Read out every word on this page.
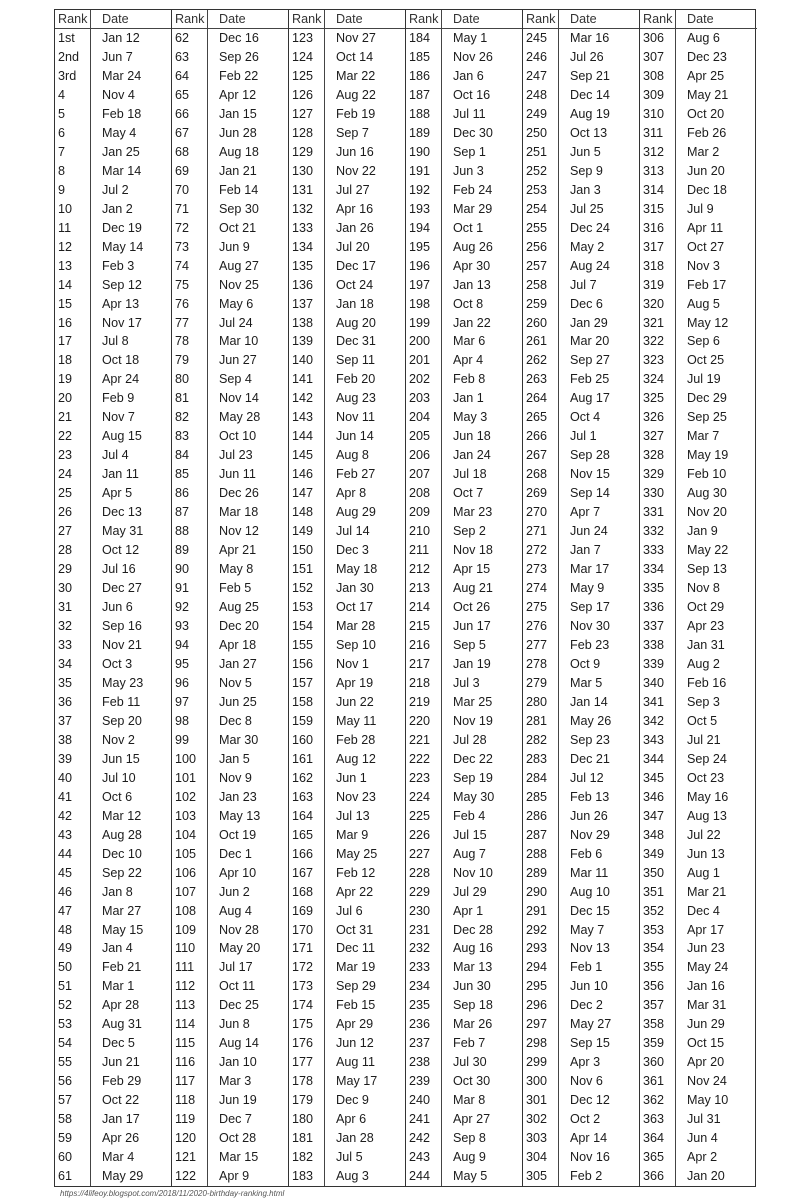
Rank	Date
1st	Jan 12
2nd	Jun 7
3rd	Mar 24
4	Nov 4
5	Feb 18
6	May 4
7	Jan 25
8	Mar 14
9	Jul 2
10	Jan 2
11	Dec 19
12	May 14
13	Feb 3
14	Sep 12
15	Apr 13
16	Nov 17
17	Jul 8
18	Oct 18
19	Apr 24
20	Feb 9
21	Nov 7
22	Aug 15
23	Jul 4
24	Jan 11
25	Apr 5
26	Dec 13
27	May 31
28	Oct 12
29	Jul 16
30	Dec 27
31	Jun 6
32	Sep 16
33	Nov 21
34	Oct 3
35	May 23
36	Feb 11
37	Sep 20
38	Nov 2
39	Jun 15
40	Jul 10
41	Oct 6
42	Mar 12
43	Aug 28
44	Dec 10
45	Sep 22
46	Jan 8
47	Mar 27
48	May 15
49	Jan 4
50	Feb 21
51	Mar 1
52	Apr 28
53	Aug 31
54	Dec 5
55	Jun 21
56	Feb 29
57	Oct 22
58	Jan 17
59	Apr 26
60	Mar 4
61	May 29
Rank	Date
62	Dec 16
63	Sep 26
64	Feb 22
65	Apr 12
66	Jan 15
67	Jun 28
68	Aug 18
69	Jan 21
70	Feb 14
71	Sep 30
72	Oct 21
73	Jun 9
74	Aug 27
75	Nov 25
76	May 6
77	Jul 24
78	Mar 10
79	Jun 27
80	Sep 4
81	Nov 14
82	May 28
83	Oct 10
84	Jul 23
85	Jun 11
86	Dec 26
87	Mar 18
88	Nov 12
89	Apr 21
90	May 8
91	Feb 5
92	Aug 25
93	Dec 20
94	Apr 18
95	Jan 27
96	Nov 5
97	Jun 25
98	Dec 8
99	Mar 30
100	Jan 5
101	Nov 9
102	Jan 23
103	May 13
104	Oct 19
105	Dec 1
106	Apr 10
107	Jun 2
108	Aug 4
109	Nov 28
110	May 20
111	Jul 17
112	Oct 11
113	Dec 25
114	Jun 8
115	Aug 14
116	Jan 10
117	Mar 3
118	Jun 19
119	Dec 7
120	Oct 28
121	Mar 15
122	Apr 9
Rank	Date
123	Nov 27
124	Oct 14
125	Mar 22
126	Aug 22
127	Feb 19
128	Sep 7
129	Jun 16
130	Nov 22
131	Jul 27
132	Apr 16
133	Jan 26
134	Jul 20
135	Dec 17
136	Oct 24
137	Jan 18
138	Aug 20
139	Dec 31
140	Sep 11
141	Feb 20
142	Aug 23
143	Nov 11
144	Jun 14
145	Aug 8
146	Feb 27
147	Apr 8
148	Aug 29
149	Jul 14
150	Dec 3
151	May 18
152	Jan 30
153	Oct 17
154	Mar 28
155	Sep 10
156	Nov 1
157	Apr 19
158	Jun 22
159	May 11
160	Feb 28
161	Aug 12
162	Jun 1
163	Nov 23
164	Jul 13
165	Mar 9
166	May 25
167	Feb 12
168	Apr 22
169	Jul 6
170	Oct 31
171	Dec 11
172	Mar 19
173	Sep 29
174	Feb 15
175	Apr 29
176	Jun 12
177	Aug 11
178	May 17
179	Dec 9
180	Apr 6
181	Jan 28
182	Jul 5
183	Aug 3
Rank	Date
184	May 1
185	Nov 26
186	Jan 6
187	Oct 16
188	Jul 11
189	Dec 30
190	Sep 1
191	Jun 3
192	Feb 24
193	Mar 29
194	Oct 1
195	Aug 26
196	Apr 30
197	Jan 13
198	Oct 8
199	Jan 22
200	Mar 6
201	Apr 4
202	Feb 8
203	Jan 1
204	May 3
205	Jun 18
206	Jan 24
207	Jul 18
208	Oct 7
209	Mar 23
210	Sep 2
211	Nov 18
212	Apr 15
213	Aug 21
214	Oct 26
215	Jun 17
216	Sep 5
217	Jan 19
218	Jul 3
219	Mar 25
220	Nov 19
221	Jul 28
222	Dec 22
223	Sep 19
224	May 30
225	Feb 4
226	Jul 15
227	Aug 7
228	Nov 10
229	Jul 29
230	Apr 1
231	Dec 28
232	Aug 16
233	Mar 13
234	Jun 30
235	Sep 18
236	Mar 26
237	Feb 7
238	Jul 30
239	Oct 30
240	Mar 8
241	Apr 27
242	Sep 8
243	Aug 9
244	May 5
Rank	Date
245	Mar 16
246	Jul 26
247	Sep 21
248	Dec 14
249	Aug 19
250	Oct 13
251	Jun 5
252	Sep 9
253	Jan 3
254	Jul 25
255	Dec 24
256	May 2
257	Aug 24
258	Jul 7
259	Dec 6
260	Jan 29
261	Mar 20
262	Sep 27
263	Feb 25
264	Aug 17
265	Oct 4
266	Jul 1
267	Sep 28
268	Nov 15
269	Sep 14
270	Apr 7
271	Jun 24
272	Jan 7
273	Mar 17
274	May 9
275	Sep 17
276	Nov 30
277	Feb 23
278	Oct 9
279	Mar 5
280	Jan 14
281	May 26
282	Sep 23
283	Dec 21
284	Jul 12
285	Feb 13
286	Jun 26
287	Nov 29
288	Feb 6
289	Mar 11
290	Aug 10
291	Dec 15
292	May 7
293	Nov 13
294	Feb 1
295	Jun 10
296	Dec 2
297	May 27
298	Sep 15
299	Apr 3
300	Nov 6
301	Dec 12
302	Oct 2
303	Apr 14
304	Nov 16
305	Feb 2
Rank	Date
306	Aug 6
307	Dec 23
308	Apr 25
309	May 21
310	Oct 20
311	Feb 26
312	Mar 2
313	Jun 20
314	Dec 18
315	Jul 9
316	Apr 11
317	Oct 27
318	Nov 3
319	Feb 17
320	Aug 5
321	May 12
322	Sep 6
323	Oct 25
324	Jul 19
325	Dec 29
326	Sep 25
327	Mar 7
328	May 19
329	Feb 10
330	Aug 30
331	Nov 20
332	Jan 9
333	May 22
334	Sep 13
335	Nov 8
336	Oct 29
337	Apr 23
338	Jan 31
339	Aug 2
340	Feb 16
341	Sep 3
342	Oct 5
343	Jul 21
344	Sep 24
345	Oct 23
346	May 16
347	Aug 13
348	Jul 22
349	Jun 13
350	Aug 1
351	Mar 21
352	Dec 4
353	Apr 17
354	Jun 23
355	May 24
356	Jan 16
357	Mar 31
358	Jun 29
359	Oct 15
360	Apr 20
361	Nov 24
362	May 10
363	Jul 31
364	Jun 4
365	Apr 2
366	Jan 20
https://4lifeoy.blogspot.com/2018/11/2020-birthday-ranking.html
